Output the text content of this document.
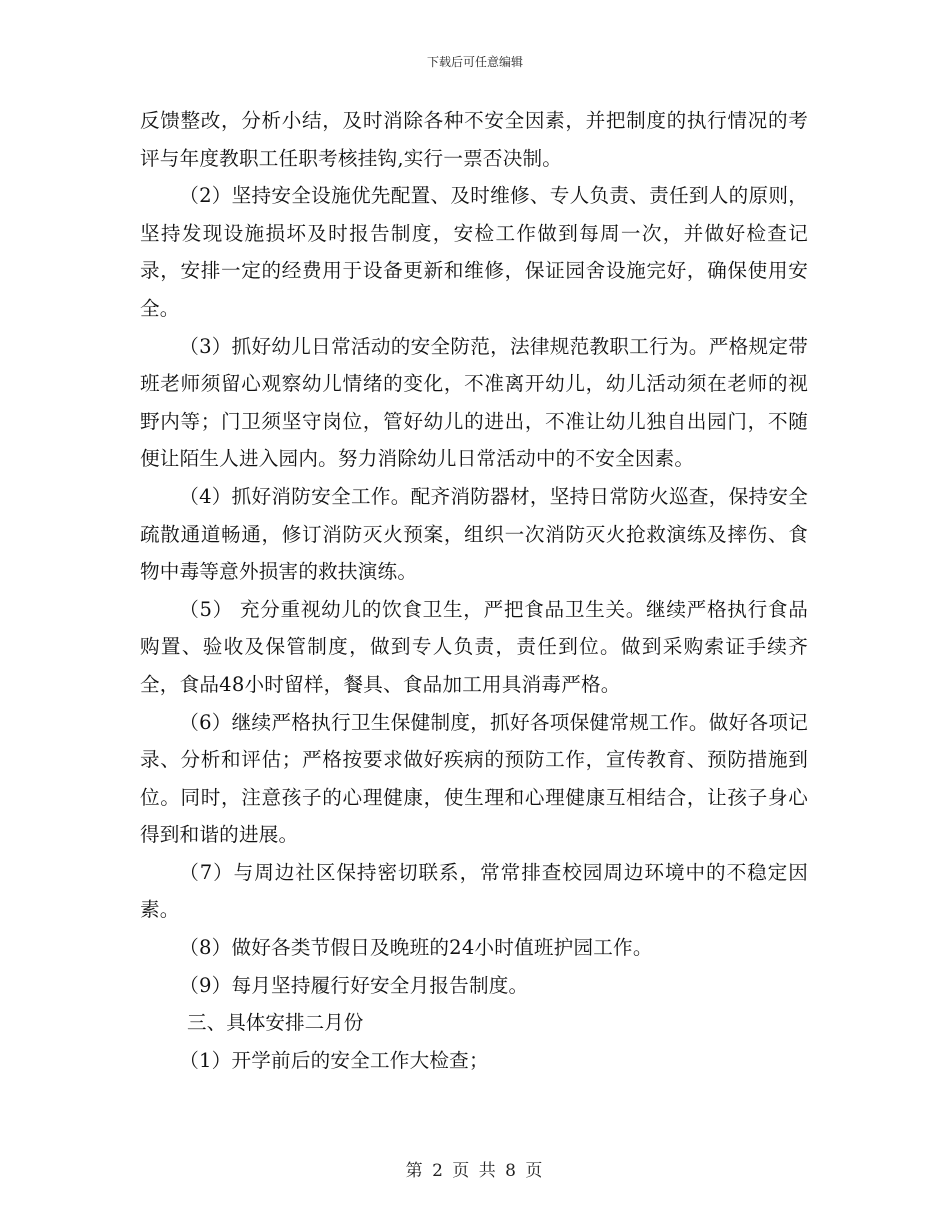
下载后可任意编辑

反馈整改，分析小结，及时消除各种不安全因素，并把制度的执行情况的考评与年度教职工任职考核挂钩,实行一票否决制。

（2）坚持安全设施优先配置、及时维修、专人负责、责任到人的原则，坚持发现设施损坏及时报告制度，安检工作做到每周一次，并做好检查记录，安排一定的经费用于设备更新和维修，保证园舍设施完好，确保使用安全。

（3）抓好幼儿日常活动的安全防范，法律规范教职工行为。严格规定带班老师须留心观察幼儿情绪的变化，不准离开幼儿，幼儿活动须在老师的视野内等；门卫须坚守岗位，管好幼儿的进出，不准让幼儿独自出园门，不随便让陌生人进入园内。努力消除幼儿日常活动中的不安全因素。

（4）抓好消防安全工作。配齐消防器材，坚持日常防火巡查，保持安全疏散通道畅通，修订消防灭火预案，组织一次消防灭火抢救演练及摔伤、食物中毒等意外损害的救扶演练。

（5） 充分重视幼儿的饮食卫生，严把食品卫生关。继续严格执行食品购置、验收及保管制度，做到专人负责，责任到位。做到采购索证手续齐全，食品48小时留样，餐具、食品加工用具消毒严格。

（6）继续严格执行卫生保健制度，抓好各项保健常规工作。做好各项记录、分析和评估；严格按要求做好疾病的预防工作，宣传教育、预防措施到位。同时，注意孩子的心理健康，使生理和心理健康互相结合，让孩子身心得到和谐的进展。

（7）与周边社区保持密切联系，常常排查校园周边环境中的不稳定因素。

（8）做好各类节假日及晚班的24小时值班护园工作。

（9）每月坚持履行好安全月报告制度。

三、具体安排二月份

（1）开学前后的安全工作大检查；

第 2 页 共 8 页
